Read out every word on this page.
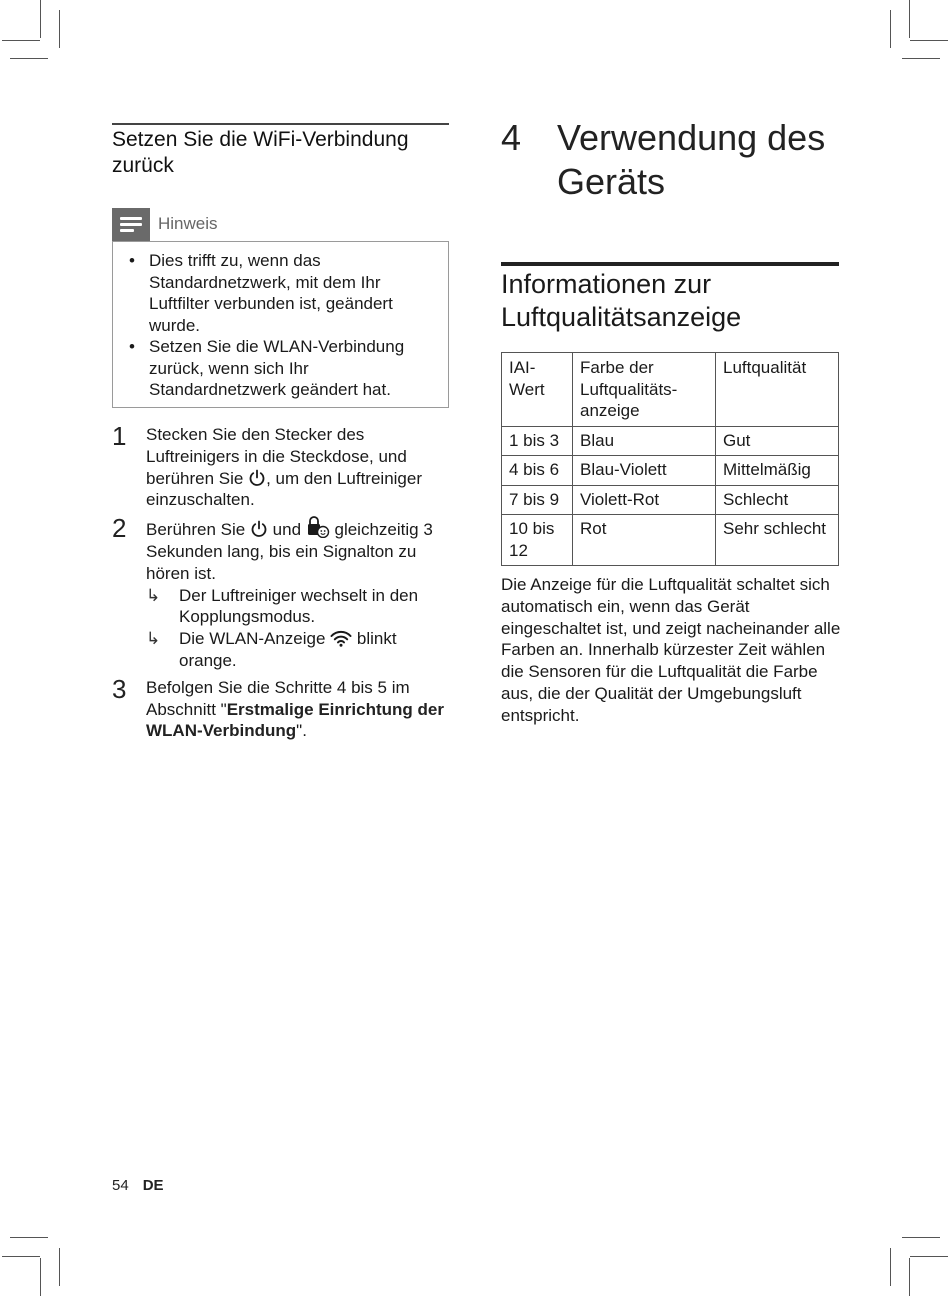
Setzen Sie die WiFi-Verbindung zurück
Hinweis
• Dies trifft zu, wenn das Standardnetzwerk, mit dem Ihr Luftfilter verbunden ist, geändert wurde.
• Setzen Sie die WLAN-Verbindung zurück, wenn sich Ihr Standardnetzwerk geändert hat.
1 Stecken Sie den Stecker des Luftreinigers in die Steckdose, und berühren Sie , um den Luftreiniger einzuschalten.
2 Berühren Sie  und  gleichzeitig 3 Sekunden lang, bis ein Signalton zu hören ist.
↳ Der Luftreiniger wechselt in den Kopplungsmodus.
↳ Die WLAN-Anzeige  blinkt orange.
3 Befolgen Sie die Schritte 4 bis 5 im Abschnitt "Erstmalige Einrichtung der WLAN-Verbindung".
4 Verwendung des Geräts
Informationen zur Luftqualitätsanzeige
IAI-Wert	Farbe der Luftqualitäts-anzeige	Luftqualität
1 bis 3	Blau	Gut
4 bis 6	Blau-Violett	Mittelmäßig
7 bis 9	Violett-Rot	Schlecht
10 bis 12	Rot	Sehr schlecht

Die Anzeige für die Luftqualität schaltet sich automatisch ein, wenn das Gerät eingeschaltet ist, und zeigt nacheinander alle Farben an. Innerhalb kürzester Zeit wählen die Sensoren für die Luftqualität die Farbe aus, die der Qualität der Umgebungsluft entspricht.

54 DE
